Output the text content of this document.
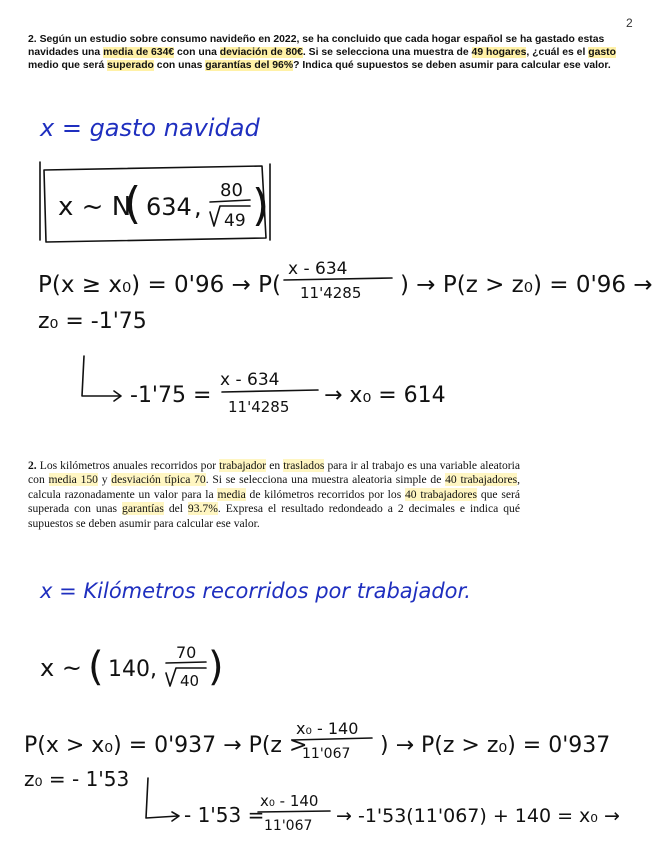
2
2. Según un estudio sobre consumo navideño en 2022, se ha concluido que cada hogar español se ha gastado estas navidades una media de 634€ con una deviación de 80€. Si se selecciona una muestra de 49 hogares, ¿cuál es el gasto medio que será superado con unas garantías del 96%? Indica qué supuestos se deben asumir para calcular ese valor.
x = gasto navidad
x ~ N
( 634 ,
80
49 )
P(x ≥ x₀) = 0'96 → P(
x - 634
11'4285 ) → P(z > z₀) = 0'96 →
z₀ = -1'75
-1'75 =
x - 634
11'4285 → x₀ = 614
2. Los kilómetros anuales recorridos por trabajador en traslados para ir al trabajo es una variable aleatoria con media 150 y desviación típica 70. Si se selecciona una muestra aleatoria simple de 40 trabajadores, calcula razonadamente un valor para la media de kilómetros recorridos por los 40 trabajadores que será superada con unas garantías del 93.7%. Expresa el resultado redondeado a 2 decimales e indica qué supuestos se deben asumir para calcular ese valor.
x = Kilómetros recorridos por trabajador.
x ~ ( 140 ,
70
40 )
P(x > x₀) = 0'937 → P(z >
x₀ - 140
11'067 ) → P(z > z₀) = 0'937
z₀ = - 1'53
- 1'53 =
x₀ - 140
11'067 → -1'53(11'067) + 140 = x₀ →
